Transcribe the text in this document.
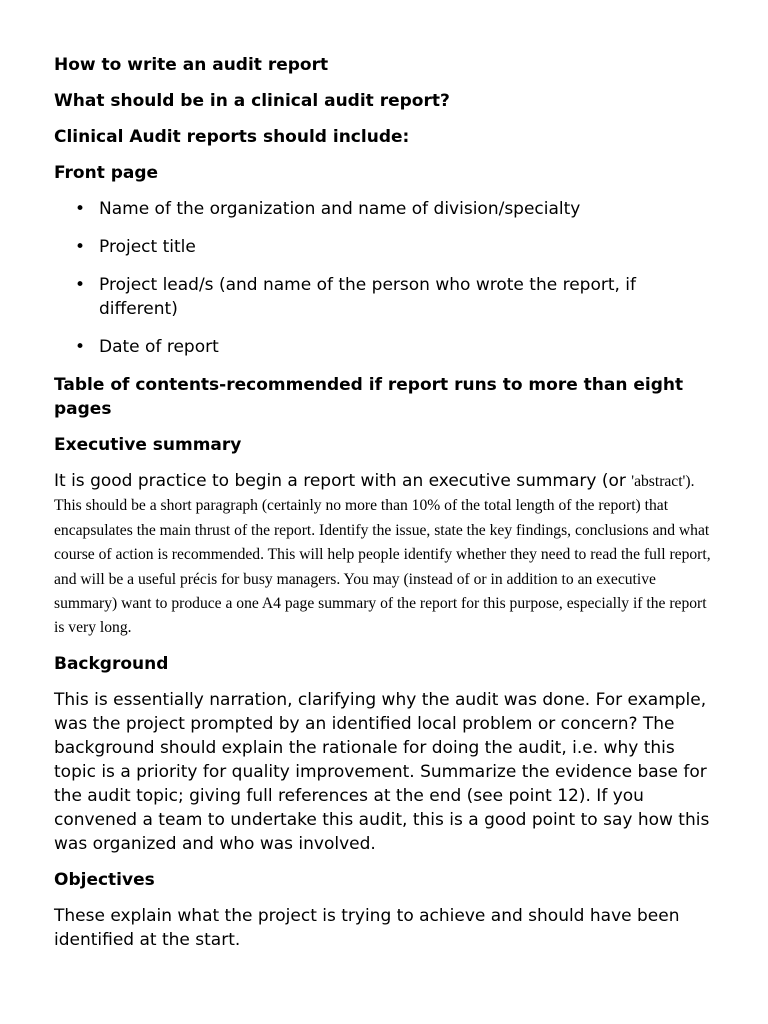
How to write an audit report
What should be in a clinical audit report?
Clinical Audit reports should include:
Front page
• Name of the organization and name of division/specialty
• Project title
• Project lead/s (and name of the person who wrote the report, if different)
• Date of report
Table of contents-recommended if report runs to more than eight pages
Executive summary
It is good practice to begin a report with an executive summary (or 'abstract'). This should be a short paragraph (certainly no more than 10% of the total length of the report) that encapsulates the main thrust of the report. Identify the issue, state the key findings, conclusions and what course of action is recommended. This will help people identify whether they need to read the full report, and will be a useful précis for busy managers. You may (instead of or in addition to an executive summary) want to produce a one A4 page summary of the report for this purpose, especially if the report is very long.
Background
This is essentially narration, clarifying why the audit was done. For example, was the project prompted by an identified local problem or concern? The background should explain the rationale for doing the audit, i.e. why this topic is a priority for quality improvement. Summarize the evidence base for the audit topic; giving full references at the end (see point 12). If you convened a team to undertake this audit, this is a good point to say how this was organized and who was involved.
Objectives
These explain what the project is trying to achieve and should have been identified at the start.
